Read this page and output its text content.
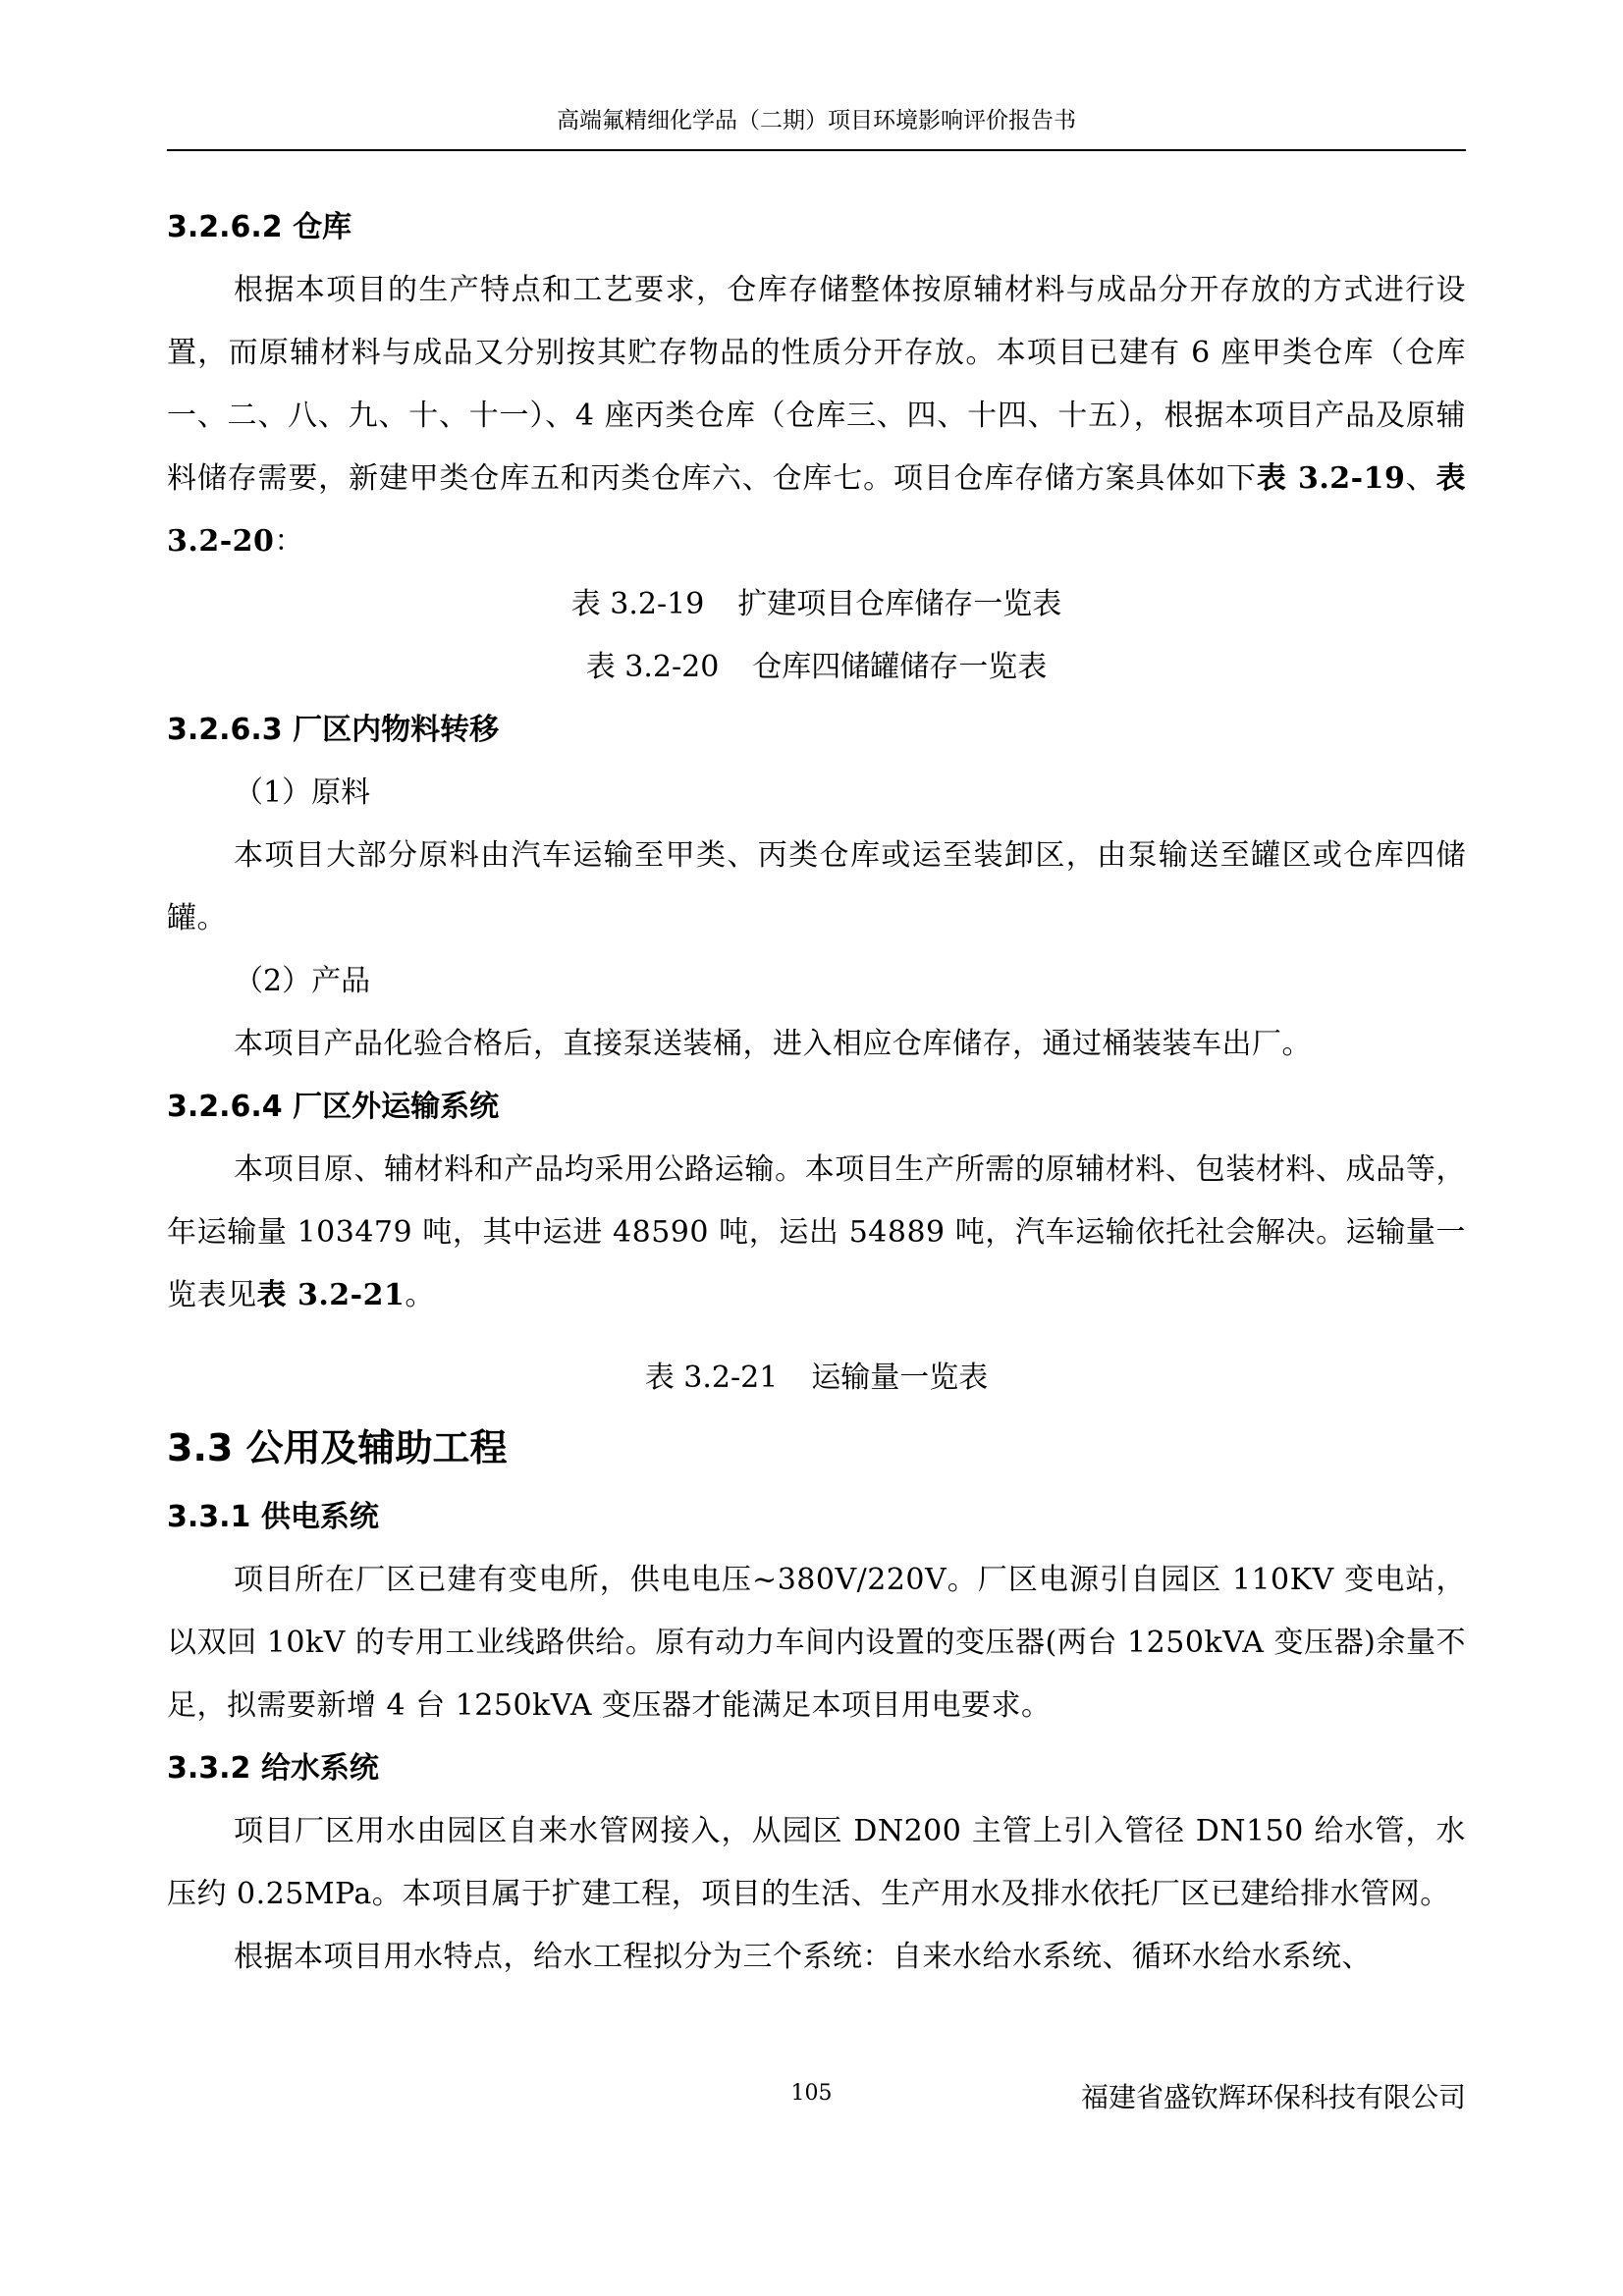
高端氟精细化学品（二期）项目环境影响评价报告书
3.2.6.2 仓库

根据本项目的生产特点和工艺要求，仓库存储整体按原辅材料与成品分开存放的方式进行设置，而原辅材料与成品又分别按其贮存物品的性质分开存放。本项目已建有 6 座甲类仓库（仓库一、二、八、九、十、十一）、4 座丙类仓库（仓库三、四、十四、十五），根据本项目产品及原辅料储存需要，新建甲类仓库五和丙类仓库六、仓库七。项目仓库存储方案具体如下表 3.2-19、表 3.2-20：

表 3.2-19 扩建项目仓库储存一览表
表 3.2-20 仓库四储罐储存一览表
3.2.6.3 厂区内物料转移
（1）原料

本项目大部分原料由汽车运输至甲类、丙类仓库或运至装卸区，由泵输送至罐区或仓库四储罐。

（2）产品

本项目产品化验合格后，直接泵送装桶，进入相应仓库储存，通过桶装装车出厂。

3.2.6.4 厂区外运输系统

本项目原、辅材料和产品均采用公路运输。本项目生产所需的原辅材料、包装材料、成品等，年运输量 103479 吨，其中运进 48590 吨，运出 54889 吨，汽车运输依托社会解决。运输量一览表见表 3.2-21。

表 3.2-21 运输量一览表
3.3 公用及辅助工程
3.3.1 供电系统

项目所在厂区已建有变电所，供电电压~380V/220V。厂区电源引自园区 110KV 变电站，以双回 10kV 的专用工业线路供给。原有动力车间内设置的变压器(两台 1250kVA 变压器)余量不足，拟需要新增 4 台 1250kVA 变压器才能满足本项目用电要求。

3.3.2 给水系统

项目厂区用水由园区自来水管网接入，从园区 DN200 主管上引入管径 DN150 给水管，水压约 0.25MPa。本项目属于扩建工程，项目的生活、生产用水及排水依托厂区已建给排水管网。

根据本项目用水特点，给水工程拟分为三个系统：自来水给水系统、循环水给水系统、

105	福建省盛钦辉环保科技有限公司
